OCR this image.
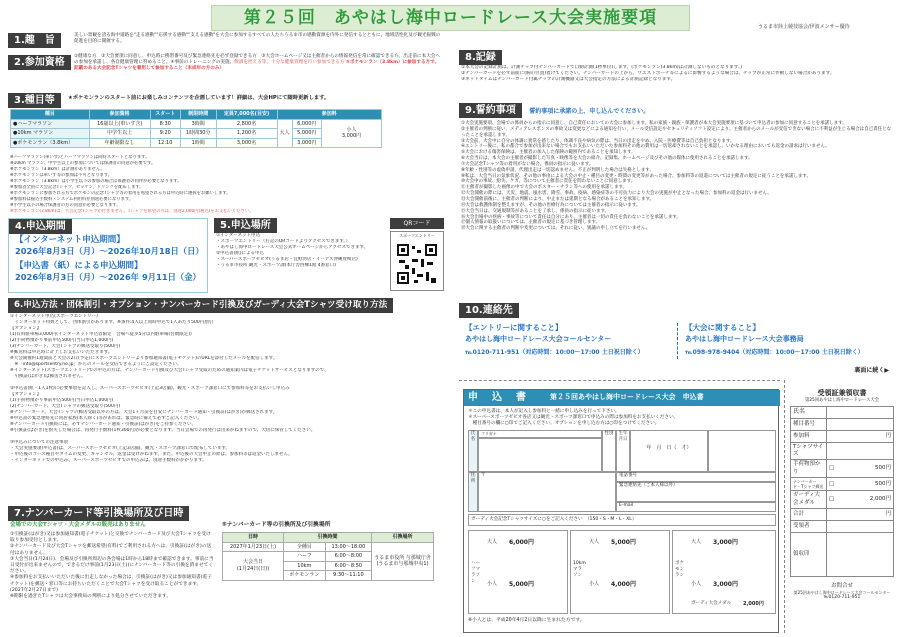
第２５回　あやはし海中ロードレース大会実施要項	うるま市陸上競技協会/伊波メンサー優待
1.趣　旨	美しい景観を誇る海中道路を"走る感動""応援する感動""支える感動"を大会に参加するすべての人たちうるま市の感動資源を内外に発信するとともに、地域活性化及び観光振興の促進を目的に開催する。
2.参加資格
①健康な方　②大会要項に同意し、申込時に携帯番号及び緊急連絡先を必ず登録できる方　③大会ホームページ又は主催者からの情報発信を常に確認できる方。出走前に本大会への参加を承諾し、各自健康管理に努めること。④事前のトレーニングの実施、飲酒を控える等、十分な健康管理を行い参加できる方 ⑤ポケモンラン（3.8km）に参加する方で、記載のある大会記念Tシャツを着用して参加すること（未成年の方のみ）
3.種目等 ★ポケモンランのスタート前にお楽しみコンテンツを企画しています！詳細は、大会HPにて随時更新します。
種目	参加資格	スタート	制限時間	定員7,000名(目安)	参加料		
●ハーフマラソン	16歳以上(車いす含)	8:30	3時間	2,800名	大人	6,000円	小人
3,000円
●10km マラソン	中学生以上	9:20	1時間30分	1,200名		5,000円	
●ポケモンラン（3.8km）	年齢制限なし	12:10	1時間	3,000名		3,000円	
※ハーフマラソン(車いす)とハーフマラソンは同時スタートとなります。
※10km マラソン、中学生以上の参加については保護者の同意が必要です。
※ポケモンラン（3.8km）は計測がありません。
※ポケモンランは車いす等の参加は不可となります。
※ポケモンラン（3.8km）は小学生以下の参加の場合は保護者の同伴が必要となります。
※参加者全員に大会記念Tシャツ、ゼッケン、ドリンクを配布します。
※ポケモンランに参加される方でポケモンの記念Tシャツ等の着用を希望される方は申込時に選択をお願いします。
※参加料は振込手数料・システム利用料が別途必要になります。
※小学生以下の場合保護者の方の同意が必要となります。
※ポケモンラン(3.8km)は、大会記念Tシャツが付きません。Tシャツを希望の方は、別途2,000円(税込)をお支払いください。
4.申込期間
【インターネット申込期間】
2026年8月3日（月）～2026年10月18日（日）
【申込書（紙）による申込期間】
2026年8月3日（月）～2026年 9月11日（金）
5.申込場所
①インターネット申込
・スポーツエントリー（右記のQRコードよりアクセスできます。）
・あやはし海中ロードレース大会公式ホームページからアクセスできます。
②申込書(紙)による申込
・スーパースポーツゼビオ(うるま店・宜野湾店・イーアス沖縄豊崎店)
・うるま市役所 観光・スポーツ課(本庁舎西棟1階 4番窓口)
QRコード
スポーツエントリー
6.申込方法・団体割引・オプション・ナンバーカード引換及びガーディ大会Tシャツ受け取り方法
①インターネット申込(スポーツエントリー)
　インターネット特典として、団体割引があります。※条件:4人以上同時申込で1人あたり500円割引
【オプション】
(1)有料駐車場3,000円(インターネット申込者限定　会場へ徒歩5分以内駐車場(台数限定))
(2)手荷物預かり事前申込500円(当日申込1,000円)
(3)ナンバーカード、大会Tシャツの郵送受取り(500円)
※郵送料は申込時に計上しお支払いいただきます。
※大会開催約1週間前と大会の2日(予定)にスポーツエントリーより参加通知書(電子チケット)のURLを添付したメールを配信します。
　※「info@sportsentry.ne.jp」からのメールを受信できるようにご設定ください。
※インターネット(スポーツエントリー)での申込の方は、ナンバーカード引換及び大会Tシャツ受取のための通知案内は電子チケットサービスとなりますので、
　引換証(はがき)は郵送されません。
②申込書(紙・1人1枚)に必要事項を記入し、スーパースポーツゼビオ(上記3店舗)、観光・スポーツ課窓口にて参加料等をお支払いし申込み
【オプション】
(1)手荷物預かり事前申込500円(当日申込1,000円)
(2)ナンバーカード、大会Tシャツの郵送受取り(500円)
※ナンバーカード、大会Tシャツの郵送受取以外の方は、大会1ヶ月前を目安にナンバーカード通知・引換証(はがき)が郵送されます。
※申込書の緊急連絡先に同居家族(本人除く)等があれば、緊急時に備えて必ずご記入ください。
※ナンバーカード引換時には、必ずナンバーカード通知・引換証(はがき)をご持参ください。
※引換証(はがき)を紛失した場合は、再発行手数料(1枚300円)が必要となります。当日会場での再発行は出来かねますので、大切に保管してください。
③申込みについての注意事項
・大会実施要項(申込書)は、スーパースポーツゼビオ(上記3店舗)、観光・スポーツ課窓口で配布しています。
・申込後のコース種目やタイムの変更、キャンセル、返金は受けかねます。また、申込後の大会中止の際は、参加料等は返金いたしません。
・インターネットでの申込み、スーパースポーツゼビオでの申込みは、別途手数料がかかります。
7.ナンバーカード等引換場所及び日時
会場での大会Tシャツ・大会メダルの販売はありません

①引換証(はがき)又は参加通知書(電子チケット)と交換でナンバーカード及び大会Tシャツを受け取り参加受付とします。

②ナンバーカード及び大会Tシャツを郵送希望(有料)でご利用される方へは、引換証(はがき)の送付はありません。

③大会当日(1月24日)、会場及び引換所周辺の各会場は1時から18時まで確認できます。事前に当日受付が出来ませんので、できるだけ事前(1月23日(土))にナンバーカード等の引換を済ませてください。

④参加料をお支払いいただいた後に出走しなかった場合は、引換証(はがき)又は参加通知書(電子チケット)を郵送・窓口等にお持ちいただくことで大会Tシャツを受け取ることができます。(2027年2月27日まで)

※期限を過ぎたTシャツは大会事務局の判断により処分させていただきます。

⑤ナンバーカード等の引換所及び引換場所
日時	引換時間		引換場所
2027年1月23日(土)	全種目	13:00～18:00	うるま市役所 与那城庁舎(うるま市与那城中央1)
大会当日
(1月24日(日))	ハーフ	6:00～8:00	
	10km	6:00～8:50	
	ポケモンラン	9:30～11:10	
8.記録
①本大会の記録計測は、計測チップ付ナンバーカードで自動計測(1秒単位)します。(ポケモンラン(3.8km)は計測しないものとなります。)
②ナンバーカードを必ず前面に(胸の位置)着けてください。ナンバーカードの上から、ウエストポーチ等によるに影響するような場合は、チップが正常に作動しない場合があります。
③ネットタイムはナンバーカード付属チップの計測機器又は大会指定の方法による計測記録となります。
9.誓約事項 誓約事項に承諾の上、申し込んでください。

①大会実施要項、会場での係員からの指示に同意し、自己責任においての大会に参加します。私の家族・親族・保護者が本大会実施要項に基づいて申込者の参加に同意することを承諾します。

②主催者の判断に従い、メディアレスポンスの事故又は変更などによる通知を行い、メール受信設定やセキュリティソフト設定により、主催者からのメールが受信できない場合に不利益が生じる場合は自己責任となったことを承認します。

③大会前、大会中に自分の体調に異常を感じたり、体調不良や病気の際は、当日の出走をやめ、入院・医療費等は自己負担となります。

④エントリー後に、私の都合で参加が出来ない場合でもお支払いいただいた参加料その他の費用は一切返却されないことを承認し、いかなる理由においても返金の請求は行いません。

⑤大会における傷害保険は、主催者の加入した保険の範囲内であることを承知します。

⑥大会当日は、本大会の主催者が撮影した写真・映像等を大会の紹介、記録集、ホームページ及びその他の媒体に使用されることを承諾します。

⑦大会記念Tシャツ等の着用がない場合、係員の指示に従います。

⑧年齢・性別等の虚偽申請、代理出走は一切認めません。不正が判明した場合は失格とします。

⑨私は、大会当日の気象状況、その他の事由による大会の中止・種目の変更・時間の変更等があった場合、参加料等の返還については主催者の規定に従うことを承諾します。

⑩大会中の事故、紛失、ケガ、等について主催者に責任を問わないことに同意します。

⑪主催者が撮影した画像の中で大会のポスター・チラシ等への使用を承諾します。

⑫大会開催の際には、天災、地震、風水害、降雪、事故、疫病、感染症等の不可抗力により大会の実施が中止となった場合、参加料の返金は行いません。

⑬大会開催前後に、主催者の判断により、中止または延期となる場合があることを承知します。

⑭大会は救護体制を整えますが、その他の医療行為については主催者の指示に従います。

⑮大会当日は、交通規制等があることを了承し、係員の指示に従います。

⑯大会出場中の疾病・事故等について責任は自分にあり、主催者は一切の責任を負わないことを承諾します。

⑰個人情報の取扱いについては、主催者の規定に基づき管理します。

⑱大会に関する主催者の判断や変更については、それに従い、異議の申し立てを行いません。

10.連絡先
【エントリーに関すること】
あやはし海中ロードレース大会コールセンター
℡0120-711-951（対応時間：10:00～17:00 土日祝日除く）
【大会に関すること】
あやはし海中ロードレース大会事務局
℡098-978-9404（対応時間：10:00～17:00 土日祝日除く）
裏面に続く▶
申　込　書	第２５回あやはし海中ロードレース大会　申込書

＊この申込書は、本人が記入し参加料と一緒に申し込みを行って下さい。

＊スーパースポーツゼビオ各店又は観光・スポーツ課窓口で申込みの際は参加料をお支払いください。

　種目番号の欄に○印でご記入ください。オプションを申し込む方は○印をつけてください。

氏名
フリガナ	性別	生年月日
年　 月　 日（　才）
住所
〒	電話番号
緊急連絡先（ご本人様以外）
E-mail
ガーディ大会記念Tシャツサイズに○をご記入ください　（150・S・M・L・XL）
ハーフマラソン
大人 6,000円
小人 5,000円
10kmマラソン
大人 5,000円
小人 4,000円
ポケモンラン
大人 3,000円
小人 3,000円
ガーディ大会メダル 2,000円
※小人とは、平成20年4月2日以降に生まれた方です。
受領証兼領収書
第25回あやはし海中ロードレース大会
氏名	
種目番号	
参加料	円
Tシャツサイズ	
手荷物預かり	□ 500円
ナンバーカード・Tシャツ郵送	□ 500円
ガーディ大会メダル	□ 2,000円
合計	円
受領者	
領収印	
お問合せ
第25回あやはし海中ロードレース大会コールセンター
℡0120-711-951
